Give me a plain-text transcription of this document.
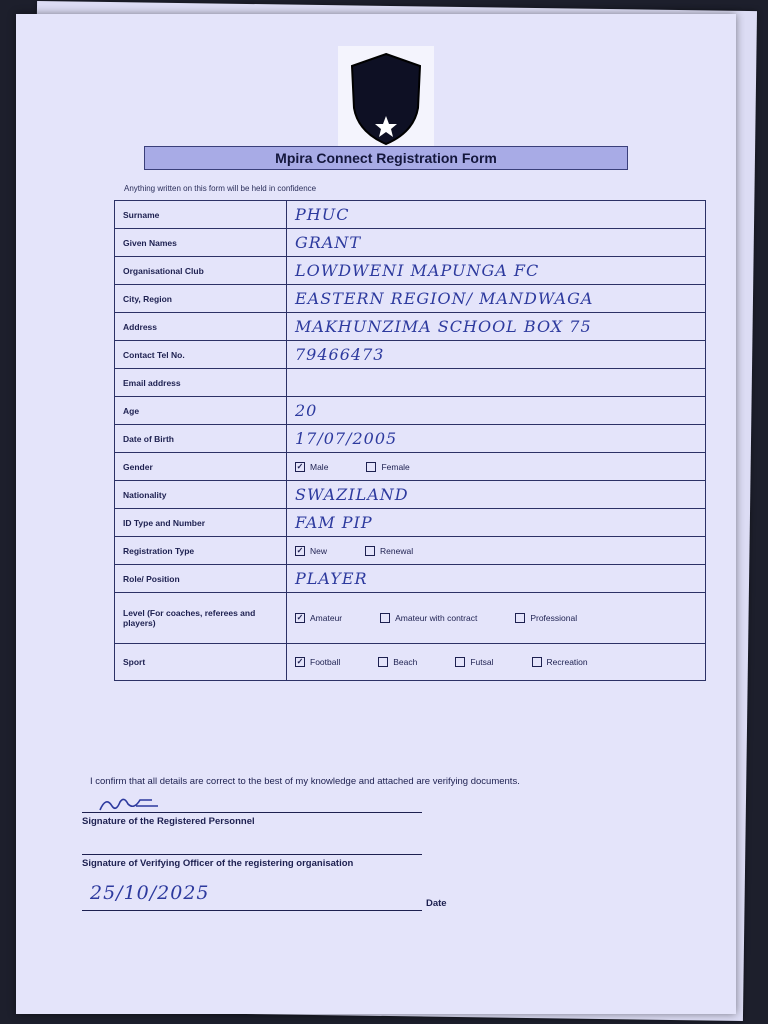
Mpira Connect Registration Form
Anything written on this form will be held in confidence
Surname	PHUC
Given Names	GRANT
Organisational Club	LOWDWENI MAPUNGA FC
City, Region	EASTERN REGION/ MANDWAGA
Address	MAKHUNZIMA SCHOOL BOX 75
Contact Tel No.	79466473
Email address	
Age	20
Date of Birth	17/07/2005
Gender	✓ Male Female

Nationality	SWAZILAND
ID Type and Number	FAM PIP
Registration Type	✓ New Renewal

Role/ Position	PLAYER
Level (For coaches, referees and players)	✓ Amateur Amateur with contract Professional

Sport	✓ Football Beach Futsal Recreation
I confirm that all details are correct to the best of my knowledge and attached are verifying documents.
Signature of the Registered Personnel
Signature of Verifying Officer of the registering organisation
25/10/2025	Date
